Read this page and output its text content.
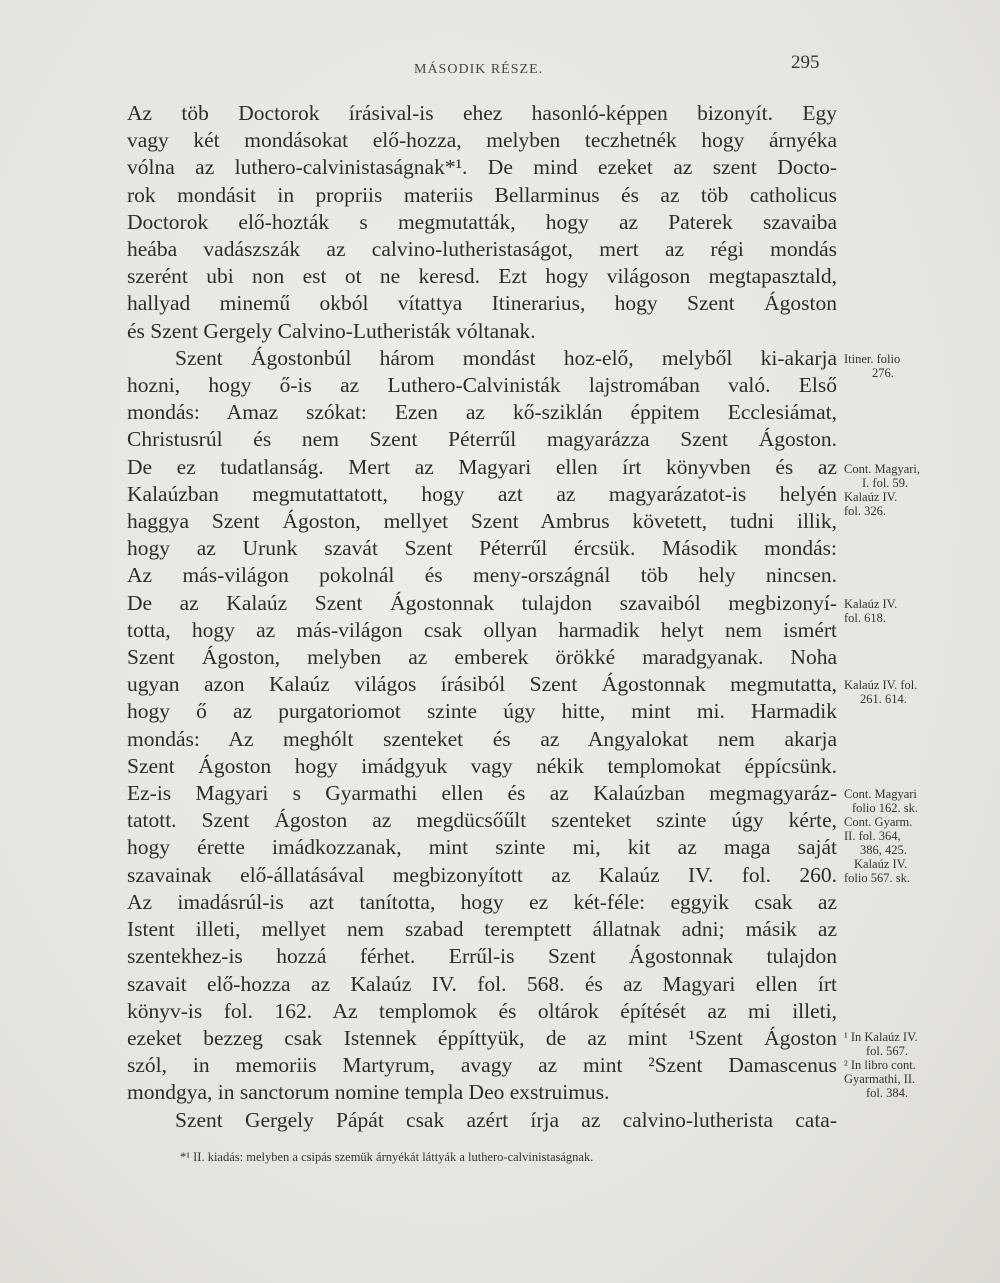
MÁSODIK RÉSZE.	295
Az töb Doctorok írásival-is ehez hasonló-képpen bizonyít. Egy
vagy két mondásokat elő-hozza, melyben teczhetnék hogy árnyéka
vólna az luthero-calvinistaságnak*¹. De mind ezeket az szent Docto-
rok mondásit in propriis materiis Bellarminus és az töb catholicus
Doctorok elő-hozták s megmutatták, hogy az Paterek szavaiba
heába vadászszák az calvino-lutheristaságot, mert az régi mondás
szerént ubi non est ot ne keresd. Ezt hogy világoson megtapasztald,
hallyad minemű okból vítattya Itinerarius, hogy Szent Ágoston
és Szent Gergely Calvino-Lutheristák vóltanak.
Szent Ágostonbúl három mondást hoz-elő, melyből ki-akarja
hozni, hogy ő-is az Luthero-Calvinisták lajstromában való. Első
mondás: Amaz szókat: Ezen az kő-sziklán éppitem Ecclesiámat,
Christusrúl és nem Szent Péterrűl magyarázza Szent Ágoston.
De ez tudatlanság. Mert az Magyari ellen írt könyvben és az
Kalaúzban megmutattatott, hogy azt az magyarázatot-is helyén
haggya Szent Ágoston, mellyet Szent Ambrus követett, tudni illik,
hogy az Urunk szavát Szent Péterrűl ércsük. Második mondás:
Az más-világon pokolnál és meny-országnál töb hely nincsen.
De az Kalaúz Szent Ágostonnak tulajdon szavaiból megbizonyí-
totta, hogy az más-világon csak ollyan harmadik helyt nem ismért
Szent Ágoston, melyben az emberek örökké maradgyanak. Noha
ugyan azon Kalaúz világos írásiból Szent Ágostonnak megmutatta,
hogy ő az purgatoriomot szinte úgy hitte, mint mi. Harmadik
mondás: Az meghólt szenteket és az Angyalokat nem akarja
Szent Ágoston hogy imádgyuk vagy nékik templomokat éppícsünk.
Ez-is Magyari s Gyarmathi ellen és az Kalaúzban megmagyaráz-
tatott. Szent Ágoston az megdücsőűlt szenteket szinte úgy kérte,
hogy érette imádkozzanak, mint szinte mi, kit az maga saját
szavainak elő-állatásával megbizonyított az Kalaúz IV. fol. 260.
Az imadásrúl-is azt tanította, hogy ez két-féle: eggyik csak az
Istent illeti, mellyet nem szabad teremptett állatnak adni; másik az
szentekhez-is hozzá férhet. Errűl-is Szent Ágostonnak tulajdon
szavait elő-hozza az Kalaúz IV. fol. 568. és az Magyari ellen írt
könyv-is fol. 162. Az templomok és oltárok építését az mi illeti,
ezeket bezzeg csak Istennek éppíttyük, de az mint ¹Szent Ágoston
szól, in memoriis Martyrum, avagy az mint ²Szent Damascenus
mondgya, in sanctorum nomine templa Deo exstruimus.
Szent Gergely Pápát csak azért írja az calvino-lutherista cata-
Itiner. folio
276.
Cont. Magyari,
I. fol. 59.
Kalaúz IV.
fol. 326.
Kalaúz IV.
fol. 618.
Kalaúz IV. fol.
261. 614.
Cont. Magyari
folio 162. sk.
Cont. Gyarm.
II. fol. 364,
386, 425.
Kalaúz IV.
folio 567. sk.
¹ In Kalaúz IV.
fol. 567.
² In libro cont.
Gyarmathi, II.
fol. 384.
*¹ II. kiadás: melyben a csipás szemük árnyékát láttyák a luthero-calvinistaságnak.
